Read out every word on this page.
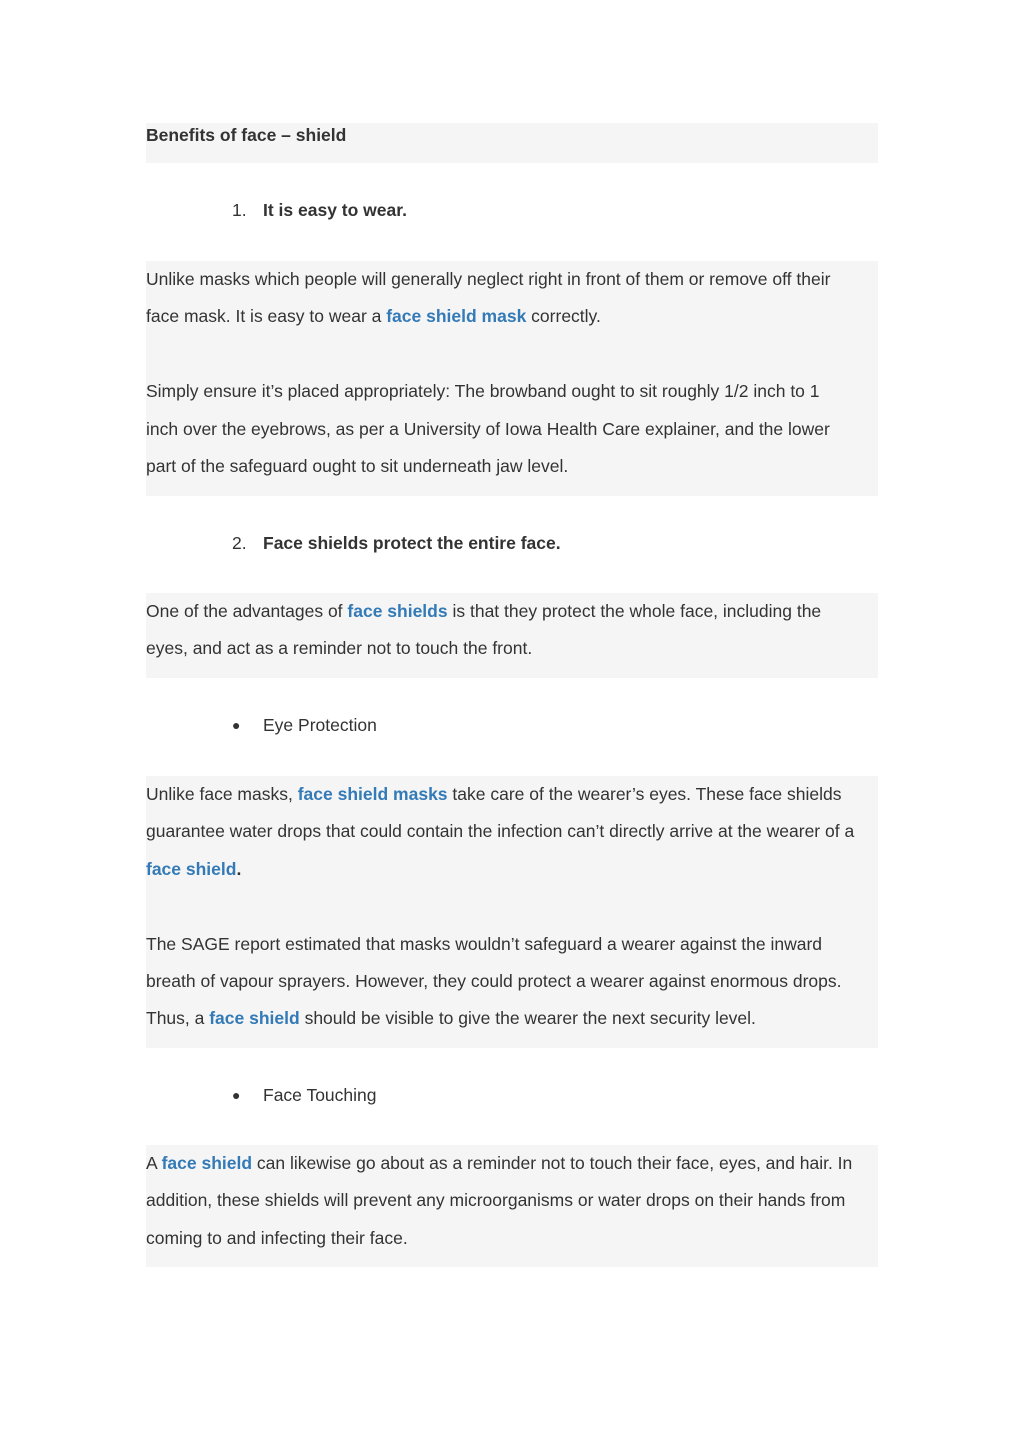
Benefits of face – shield
1. It is easy to wear.
Unlike masks which people will generally neglect right in front of them or remove off their
face mask. It is easy to wear a face shield mask correctly.
Simply ensure it’s placed appropriately: The browband ought to sit roughly 1/2 inch to 1
inch over the eyebrows, as per a University of Iowa Health Care explainer, and the lower
part of the safeguard ought to sit underneath jaw level.
2. Face shields protect the entire face.
One of the advantages of face shields is that they protect the whole face, including the
eyes, and act as a reminder not to touch the front.
● Eye Protection
Unlike face masks, face shield masks take care of the wearer’s eyes. These face shields
guarantee water drops that could contain the infection can’t directly arrive at the wearer of a
face shield.
The SAGE report estimated that masks wouldn’t safeguard a wearer against the inward
breath of vapour sprayers. However, they could protect a wearer against enormous drops.
Thus, a face shield should be visible to give the wearer the next security level.
● Face Touching
A face shield can likewise go about as a reminder not to touch their face, eyes, and hair. In
addition, these shields will prevent any microorganisms or water drops on their hands from
coming to and infecting their face.
